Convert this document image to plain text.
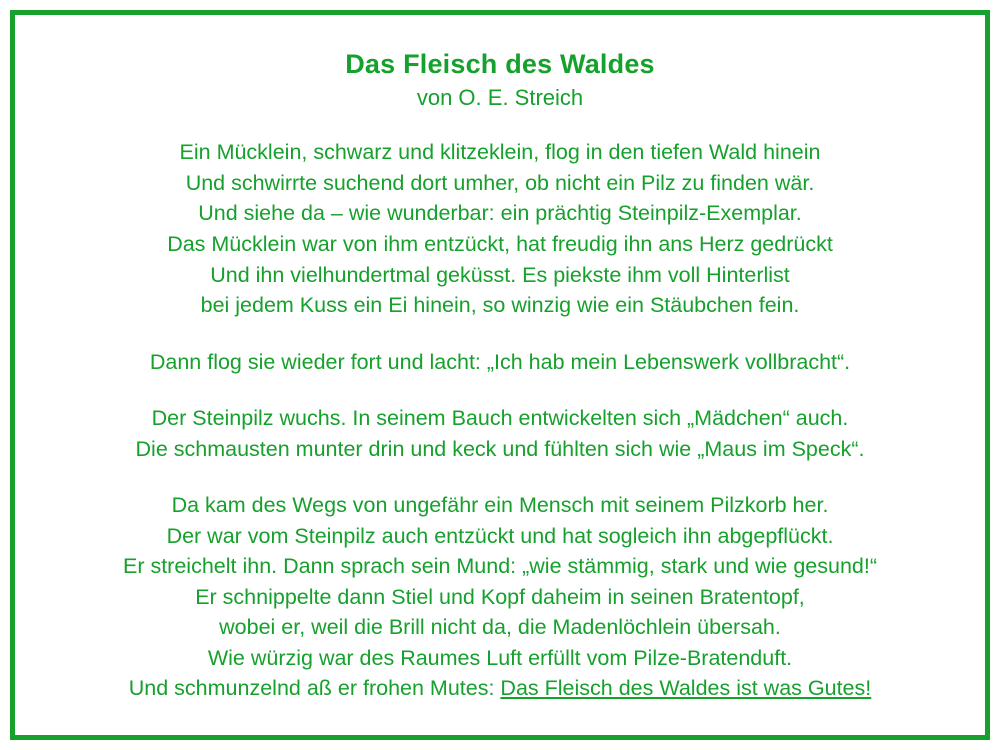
Das Fleisch des Waldes
von O. E. Streich
Ein Mücklein, schwarz und klitzeklein, flog in den tiefen Wald hinein
Und schwirrte suchend dort umher, ob nicht ein Pilz zu finden wär.
Und siehe da – wie wunderbar: ein prächtig Steinpilz-Exemplar.
Das Mücklein war von ihm entzückt, hat freudig ihn ans Herz gedrückt
Und ihn vielhundertmal geküsst. Es piekste ihm voll Hinterlist
bei jedem Kuss ein Ei hinein, so winzig wie ein Stäubchen fein.
Dann flog sie wieder fort und lacht: „Ich hab mein Lebenswerk vollbracht“.
Der Steinpilz wuchs. In seinem Bauch entwickelten sich „Mädchen“ auch.
Die schmausten munter drin und keck und fühlten sich wie „Maus im Speck“.
Da kam des Wegs von ungefähr ein Mensch mit seinem Pilzkorb her.
Der war vom Steinpilz auch entzückt und hat sogleich ihn abgepflückt.
Er streichelt ihn. Dann sprach sein Mund: „wie stämmig, stark und wie gesund!“
Er schnippelte dann Stiel und Kopf daheim in seinen Bratentopf,
wobei er, weil die Brill nicht da, die Madenlöchlein übersah.
Wie würzig war des Raumes Luft erfüllt vom Pilze-Bratenduft.
Und schmunzelnd aß er frohen Mutes: Das Fleisch des Waldes ist was Gutes!
